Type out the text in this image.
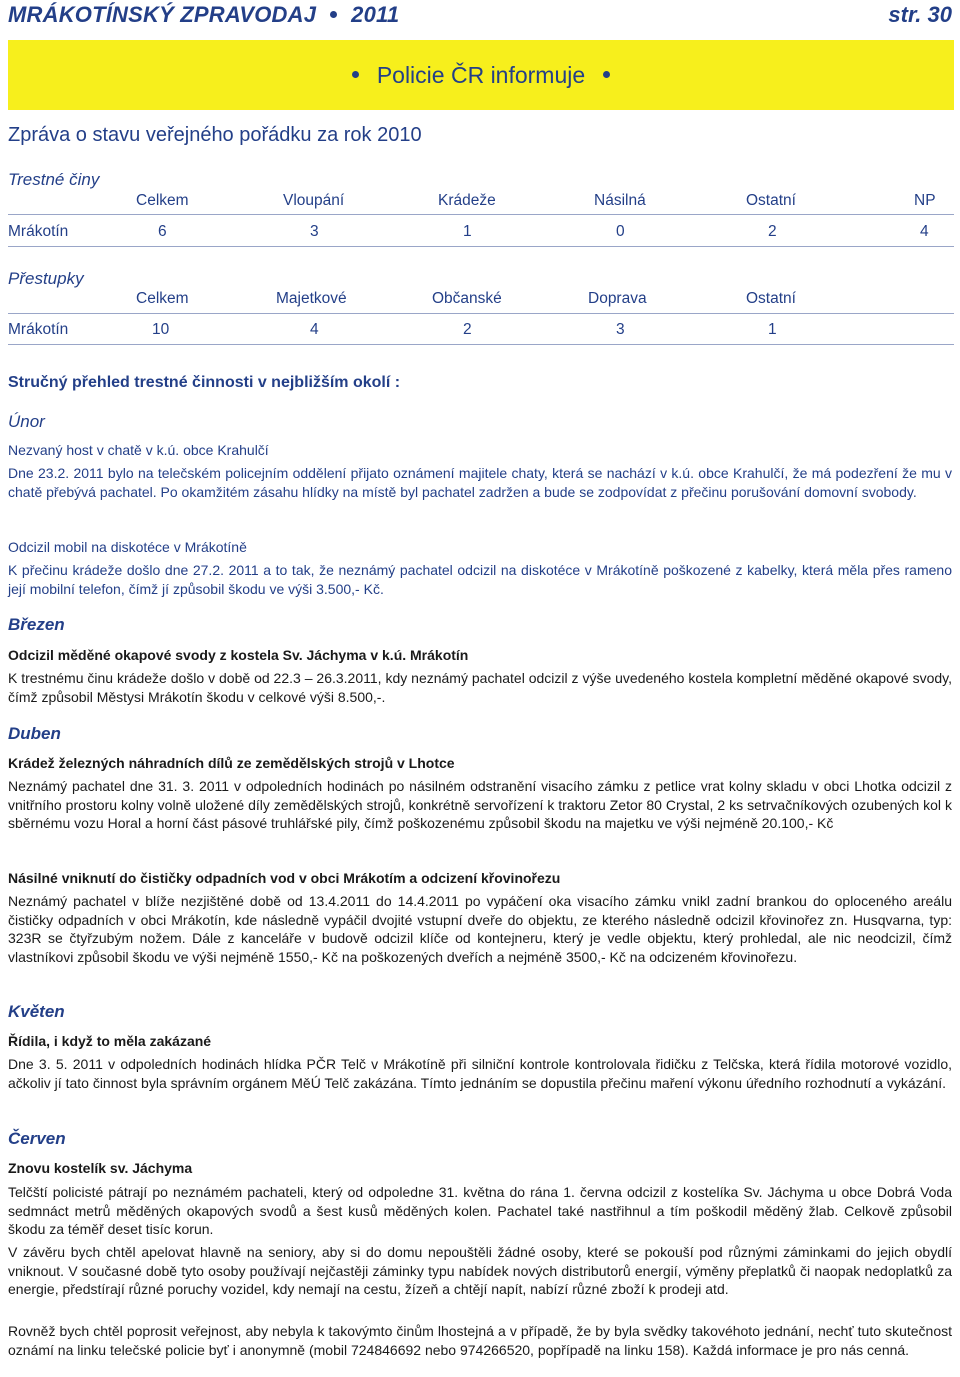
MRÁKOTÍNSKÝ ZPRAVODAJ 2011	str. 30
Policie ČR informuje
Zpráva o stavu veřejného pořádku za rok 2010
Trestné činy
Celkem	Vloupání	Krádeže	Násilná	Ostatní	NP
Mrákotín	6	3	1	0	2	4
Přestupky
Celkem	Majetkové	Občanské	Doprava	Ostatní
Mrákotín	10	4	2	3	1
Stručný přehled trestné činnosti v nejbližším okolí :
Únor
Nezvaný host v chatě v k.ú. obce Krahulčí
Dne 23.2. 2011 bylo na telečském policejním oddělení přijato oznámení majitele chaty, která se nachází v k.ú. obce Krahulčí, že má podezření že mu v chatě přebývá pachatel. Po okamžitém zásahu hlídky na místě byl pachatel zadržen a bude se zodpovídat z přečinu porušování domovní svobody.
Odcizil mobil na diskotéce v Mrákotíně
K přečinu krádeže došlo dne 27.2. 2011 a to tak, že neznámý pachatel odcizil na diskotéce v Mrákotíně poškozené z kabelky, která měla přes rameno její mobilní telefon, čímž jí způsobil škodu ve výši 3.500,- Kč.
Březen
Odcizil měděné okapové svody z kostela Sv. Jáchyma v k.ú. Mrákotín
K trestnému činu krádeže došlo v době od 22.3 – 26.3.2011, kdy neznámý pachatel odcizil z výše uvedeného kostela kompletní měděné okapové svody, čímž způsobil Městysi Mrákotín škodu v celkové výši 8.500,-.
Duben
Krádež železných náhradních dílů ze zemědělských strojů v Lhotce
Neznámý pachatel dne 31. 3. 2011 v odpoledních hodinách po násilném odstranění visacího zámku z petlice vrat kolny skladu v obci Lhotka odcizil z vnitřního prostoru kolny volně uložené díly zemědělských strojů, konkrétně servořízení k traktoru Zetor 80 Crystal, 2 ks setrvačníkových ozubených kol k sběrnému vozu Horal a horní část pásové truhlářské pily, čímž poškozenému způsobil škodu na majetku ve výši nejméně 20.100,- Kč
Násilné vniknutí do čističky odpadních vod v obci Mrákotím a odcizení křovinořezu
Neznámý pachatel v blíže nezjištěné době od 13.4.2011 do 14.4.2011 po vypáčení oka visacího zámku vnikl zadní brankou do oploceného areálu čističky odpadních v obci Mrákotín, kde následně vypáčil dvojité vstupní dveře do objektu, ze kterého následně odcizil křovinořez zn. Husqvarna, typ: 323R se čtyřzubým nožem. Dále z kanceláře v budově odcizil klíče od kontejneru, který je vedle objektu, který prohledal, ale nic neodcizil, čímž vlastníkovi způsobil škodu ve výši nejméně 1550,- Kč na poškozených dveřích a nejméně 3500,- Kč na odcizeném křovinořezu.
Květen
Řídila, i když to měla zakázané
Dne 3. 5. 2011 v odpoledních hodinách hlídka PČR Telč v Mrákotíně při silniční kontrole kontrolovala řidičku z Telčska, která řídila motorové vozidlo, ačkoliv jí tato činnost byla správním orgánem MěÚ Telč zakázána. Tímto jednáním se dopustila přečinu maření výkonu úředního rozhodnutí a vykázání.
Červen
Znovu kostelík sv. Jáchyma
Telčští policisté pátrají po neznámém pachateli, který od odpoledne 31. května do rána 1. června odcizil z kostelíka Sv. Jáchyma u obce Dobrá Voda sedmnáct metrů měděných okapových svodů a šest kusů měděných kolen. Pachatel také nastřihnul a tím poškodil měděný žlab. Celkově způsobil škodu za téměř deset tisíc korun.
V závěru bych chtěl apelovat hlavně na seniory, aby si do domu nepouštěli žádné osoby, které se pokouší pod různými záminkami do jejich obydlí vniknout. V současné době tyto osoby používají nejčastěji záminky typu nabídek nových distributorů energií, výměny přeplatků či naopak nedoplatků za energie, předstírají různé poruchy vozidel, kdy nemají na cestu, žízeň a chtějí napít, nabízí různé zboží k prodeji atd.
Rovněž bych chtěl poprosit veřejnost, aby nebyla k takovýmto činům lhostejná a v případě, že by byla svědky takovéhoto jednání, nechť tuto skutečnost oznámí na linku telečské policie byť i anonymně (mobil 724846692 nebo 974266520, popřípadě na linku 158). Každá informace je pro nás cenná.
